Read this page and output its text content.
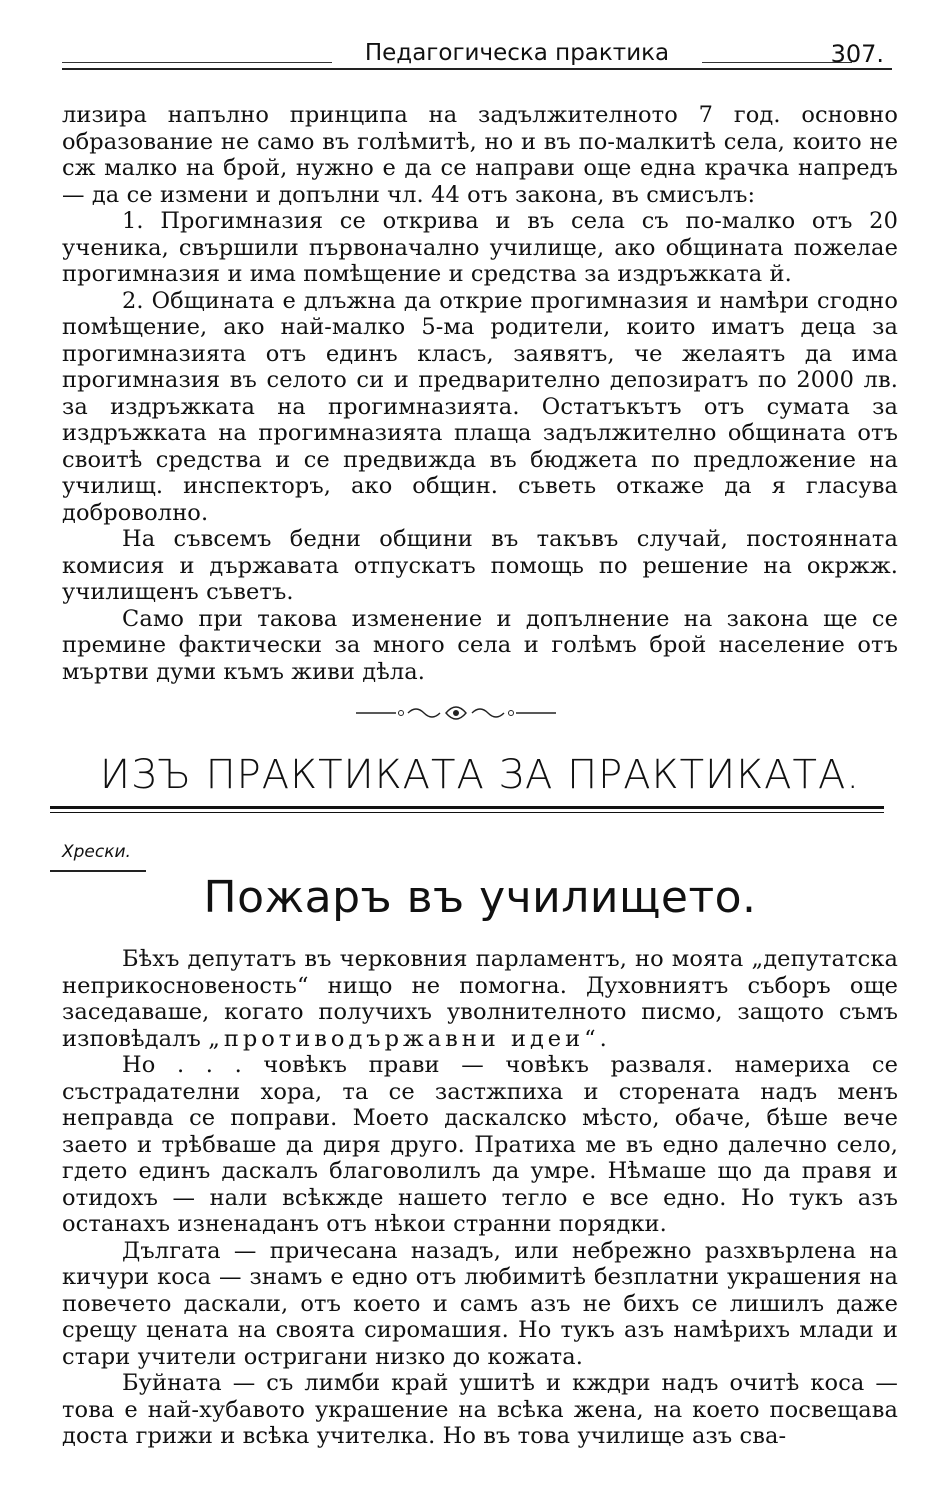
Педагогическа практика	307.

лизира напълно принципа на задължителното 7 год. основно образование не само въ голѣмитѣ, но и въ по-малкитѣ села, които не сж малко на брой, нужно е да се направи още една крачка напредъ — да се измени и допълни чл. 44 отъ закона, въ смисълъ:

1. Прогимназия се открива и въ села съ по-малко отъ 20 ученика, свършили първоначално училище, ако общината пожелае прогимназия и има помѣщение и средства за издръжката й.

2. Общината е длъжна да открие прогимназия и намѣри сгодно помѣщение, ако най-малко 5-ма родители, които иматъ деца за прогимназията отъ единъ класъ, заявятъ, че желаятъ да има прогимназия въ селото си и предварително депозиратъ по 2000 лв. за издръжката на прогимназията. Остатъкътъ отъ сумата за издръжката на прогимназията плаща задължително общината отъ своитѣ средства и се предвижда въ бюджета по предложение на училищ. инспекторъ, ако общин. съветь откаже да я гласува доброволно.

На съвсемъ бедни общини въ такъвъ случай, постоянната комисия и държавата отпускатъ помощь по решение на окржж. училищенъ съветъ.

Само при такова изменение и допълнение на закона ще се премине фактически за много села и голѣмъ брой население отъ мъртви думи къмъ живи дѣла.

ИЗЪ ПРАКТИКАТА ЗА ПРАКТИКАТА.
Хрески.
Пожаръ въ училището.

Бѣхъ депутатъ въ черковния парламентъ, но моята „депутатска неприкосновеность“ нищо не помогна. Духовниятъ съборъ още заседаваше, когато получихъ уволнителното писмо, защото съмъ изповѣдалъ „противодържавни идеи“.

Но . . . човѣкъ прави — човѣкъ разваля. намериха се състрадателни хора, та се застжпиха и сторената надъ менъ неправда се поправи. Моето даскалско мѣсто, обаче, бѣше вече заето и трѣбваше да диря друго. Пратиха ме въ едно далечно село, гдето единъ даскалъ благоволилъ да умре. Нѣмаше що да правя и отидохъ — нали всѣкжде нашето тегло е все едно. Но тукъ азъ останахъ изненаданъ отъ нѣкои странни порядки.

Дългата — причесана назадъ, или небрежно разхвърлена на кичури коса — знамъ е едно отъ любимитѣ безплатни украшения на повечето даскали, отъ което и самъ азъ не бихъ се лишилъ даже срещу цената на своята сиромашия. Но тукъ азъ намѣрихъ млади и стари учители остригани низко до кожата.

Буйната — съ лимби край ушитѣ и кждри надъ очитѣ коса — това е най-хубавото украшение на всѣка жена, на което посвещава доста грижи и всѣка учителка. Но въ това училище азъ сва-
